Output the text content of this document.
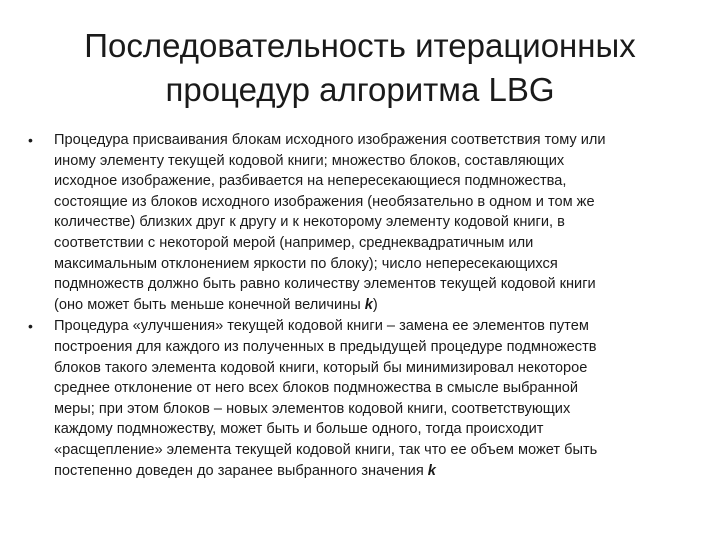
Последовательность итерационных
процедур алгоритма LBG
•	Процедура присваивания блокам исходного изображения соответствия тому или
иному элементу текущей кодовой книги; множество блоков, составляющих
исходное изображение, разбивается на непересекающиеся подмножества,
состоящие из блоков исходного изображения (необязательно в одном и том же
количестве) близких друг к другу и к некоторому элементу кодовой книги, в
соответствии с некоторой мерой (например, среднеквадратичным или
максимальным отклонением яркости по блоку); число непересекающихся
подмножеств должно быть равно количеству элементов текущей кодовой книги
(оно может быть меньше конечной величины k)
•	Процедура «улучшения» текущей кодовой книги – замена ее элементов путем
построения для каждого из полученных в предыдущей процедуре подмножеств
блоков такого элемента кодовой книги, который бы минимизировал некоторое
среднее отклонение от него всех блоков подмножества в смысле выбранной
меры; при этом блоков – новых элементов кодовой книги, соответствующих
каждому подмножеству, может быть и больше одного, тогда происходит
«расщепление» элемента текущей кодовой книги, так что ее объем может быть
постепенно доведен до заранее выбранного значения k
